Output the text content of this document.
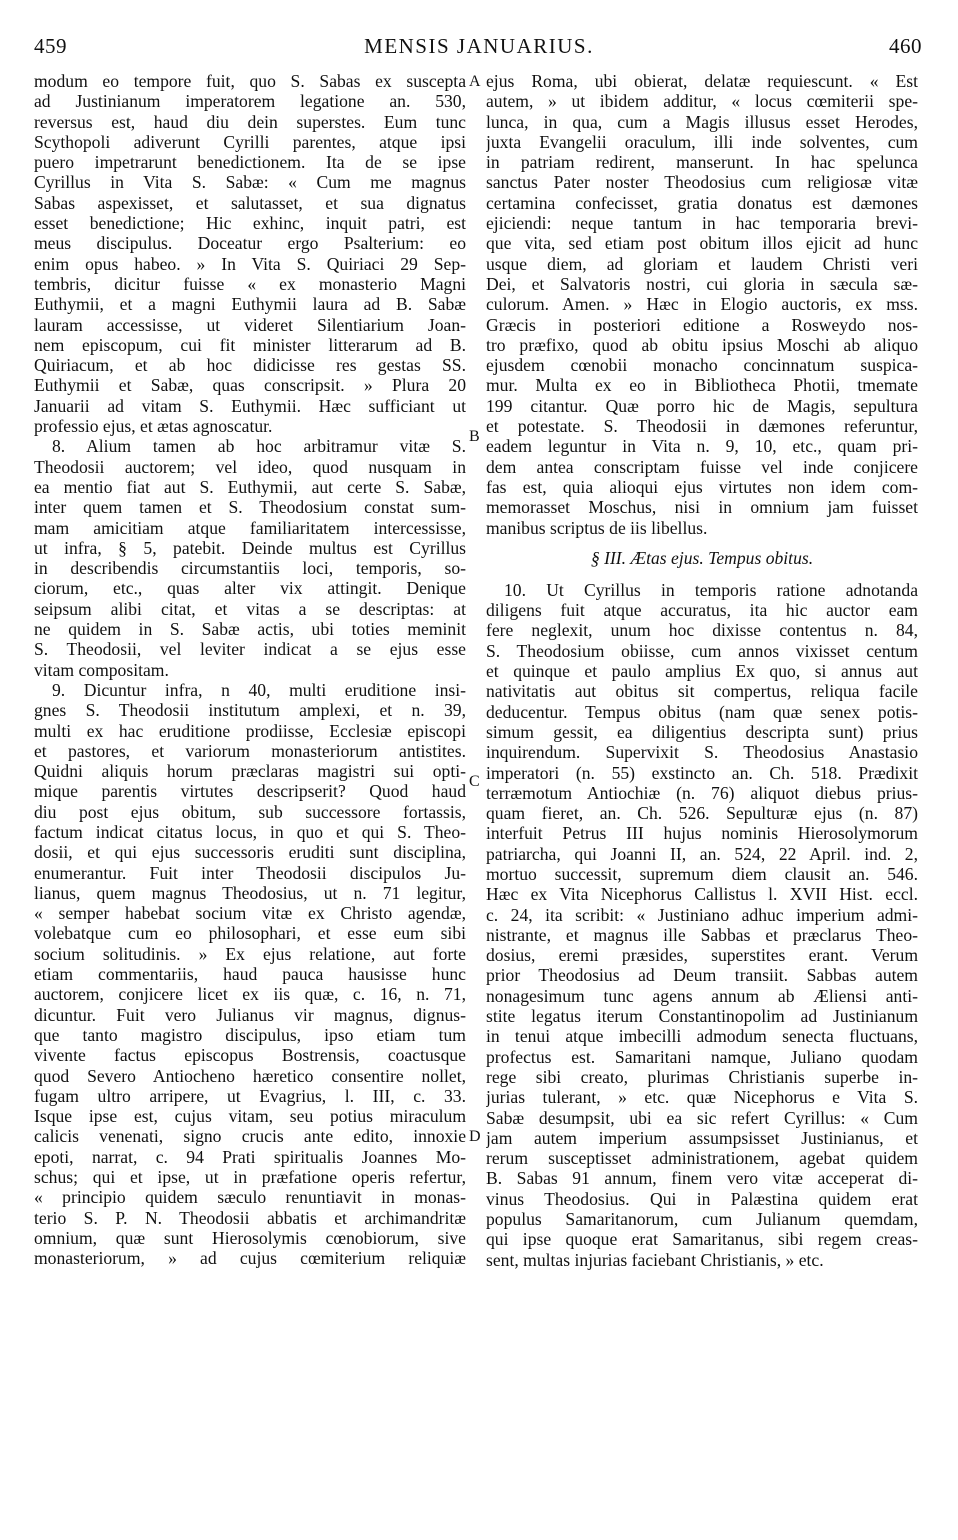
459	MENSIS JANUARIUS.	460
modum eo tempore fuit, quo S. Sabas ex suscepta
ad Justinianum imperatorem legatione an. 530,
reversus est, haud diu dein superstes. Eum tunc
Scythopoli adiverunt Cyrilli parentes, atque ipsi
puero impetrarunt benedictionem. Ita de se ipse
Cyrillus in Vita S. Sabæ: « Cum me magnus
Sabas aspexisset, et salutasset, et sua dignatus
esset benedictione; Hic exhinc, inquit patri, est
meus discipulus. Doceatur ergo Psalterium: eo
enim opus habeo. » In Vita S. Quiriaci 29 Sep-
tembris, dicitur fuisse « ex monasterio Magni
Euthymii, et a magni Euthymii laura ad B. Sabæ
lauram accessisse, ut videret Silentiarium Joan-
nem episcopum, cui fit minister litterarum ad B.
Quiriacum, et ab hoc didicisse res gestas SS.
Euthymii et Sabæ, quas conscripsit. » Plura 20
Januarii ad vitam S. Euthymii. Hæc sufficiant ut
professio ejus, et ætas agnoscatur.
8. Alium tamen ab hoc arbitramur vitæ S.
Theodosii auctorem; vel ideo, quod nusquam in
ea mentio fiat aut S. Euthymii, aut certe S. Sabæ,
inter quem tamen et S. Theodosium constat sum-
mam amicitiam atque familiaritatem intercessisse,
ut infra, § 5, patebit. Deinde multus est Cyrillus
in describendis circumstantiis loci, temporis, so-
ciorum, etc., quas alter vix attingit. Denique
seipsum alibi citat, et vitas a se descriptas: at
ne quidem in S. Sabæ actis, ubi toties meminit
S. Theodosii, vel leviter indicat a se ejus esse
vitam compositam.
9. Dicuntur infra, n 40, multi eruditione insi-
gnes S. Theodosii institutum amplexi, et n. 39,
multi ex hac eruditione prodiisse, Ecclesiæ episcopi
et pastores, et variorum monasteriorum antistites.
Quidni aliquis horum præclaras magistri sui opti-
mique parentis virtutes descripserit? Quod haud
diu post ejus obitum, sub successore fortassis,
factum indicat citatus locus, in quo et qui S. Theo-
dosii, et qui ejus successoris eruditi sunt disciplina,
enumerantur. Fuit inter Theodosii discipulos Ju-
lianus, quem magnus Theodosius, ut n. 71 legitur,
« semper habebat socium vitæ ex Christo agendæ,
volebatque cum eo philosophari, et esse eum sibi
socium solitudinis. » Ex ejus relatione, aut forte
etiam commentariis, haud pauca hausisse hunc
auctorem, conjicere licet ex iis quæ, c. 16, n. 71,
dicuntur. Fuit vero Julianus vir magnus, dignus-
que tanto magistro discipulus, ipso etiam tum
vivente factus episcopus Bostrensis, coactusque
quod Severo Antiocheno hæretico consentire nollet,
fugam ultro arripere, ut Evagrius, l. III, c. 33.
Isque ipse est, cujus vitam, seu potius miraculum
calicis venenati, signo crucis ante edito, innoxie
epoti, narrat, c. 94 Prati spiritualis Joannes Mo-
schus; qui et ipse, ut in præfatione operis refertur,
« principio quidem sæculo renuntiavit in monas-
terio S. P. N. Theodosii abbatis et archimandritæ
omnium, quæ sunt Hierosolymis cœnobiorum, sive
monasteriorum, » ad cujus cœmiterium reliquiæ
ejus Roma, ubi obierat, delatæ requiescunt. « Est
autem, » ut ibidem additur, « locus cœmiterii spe-
lunca, in qua, cum a Magis illusus esset Herodes,
juxta Evangelii oraculum, illi inde solventes, cum
in patriam redirent, manserunt. In hac spelunca
sanctus Pater noster Theodosius cum religiosæ vitæ
certamina confecisset, gratia donatus est dæmones
ejiciendi: neque tantum in hac temporaria brevi-
que vita, sed etiam post obitum illos ejicit ad hunc
usque diem, ad gloriam et laudem Christi veri
Dei, et Salvatoris nostri, cui gloria in sæcula sæ-
culorum. Amen. » Hæc in Elogio auctoris, ex mss.
Græcis in posteriori editione a Rosweydo nos-
tro præfixo, quod ab obitu ipsius Moschi ab aliquo
ejusdem cœnobii monacho concinnatum suspica-
mur. Multa ex eo in Bibliotheca Photii, tmemate
199 citantur. Quæ porro hic de Magis, sepultura
et potestate. S. Theodosii in dæmones referuntur,
eadem leguntur in Vita n. 9, 10, etc., quam pri-
dem antea conscriptam fuisse vel inde conjicere
fas est, quia alioqui ejus virtutes non idem com-
memorasset Moschus, nisi in omnium jam fuisset
manibus scriptus de iis libellus.
§ III. Ætas ejus. Tempus obitus.
10. Ut Cyrillus in temporis ratione adnotanda
diligens fuit atque accuratus, ita hic auctor eam
fere neglexit, unum hoc dixisse contentus n. 84,
S. Theodosium obiisse, cum annos vixisset centum
et quinque et paulo amplius Ex quo, si annus aut
nativitatis aut obitus sit compertus, reliqua facile
deducentur. Tempus obitus (nam quæ senex potis-
simum gessit, ea diligentius descripta sunt) prius
inquirendum. Supervixit S. Theodosius Anastasio
imperatori (n. 55) exstincto an. Ch. 518. Prædixit
terræmotum Antiochiæ (n. 76) aliquot diebus prius-
quam fieret, an. Ch. 526. Sepulturæ ejus (n. 87)
interfuit Petrus III hujus nominis Hierosolymorum
patriarcha, qui Joanni II, an. 524, 22 April. ind. 2,
mortuo successit, supremum diem clausit an. 546.
Hæc ex Vita Nicephorus Callistus l. XVII Hist. eccl.
c. 24, ita scribit: « Justiniano adhuc imperium admi-
nistrante, et magnus ille Sabbas et præclarus Theo-
dosius, eremi præsides, superstites erant. Verum
prior Theodosius ad Deum transiit. Sabbas autem
nonagesimum tunc agens annum ab Æliensi anti-
stite legatus iterum Constantinopolim ad Justinianum
in tenui atque imbecilli admodum senecta fluctuans,
profectus est. Samaritani namque, Juliano quodam
rege sibi creato, plurimas Christianis superbe in-
jurias tulerant, » etc. quæ Nicephorus e Vita S.
Sabæ desumpsit, ubi ea sic refert Cyrillus: « Cum
jam autem imperium assumpsisset Justinianus, et
rerum susceptisset administrationem, agebat quidem
B. Sabas 91 annum, finem vero vitæ acceperat di-
vinus Theodosius. Qui in Palæstina quidem erat
populus Samaritanorum, cum Julianum quemdam,
qui ipse quoque erat Samaritanus, sibi regem creas-
sent, multas injurias faciebant Christianis, » etc.
A
B
C
D
